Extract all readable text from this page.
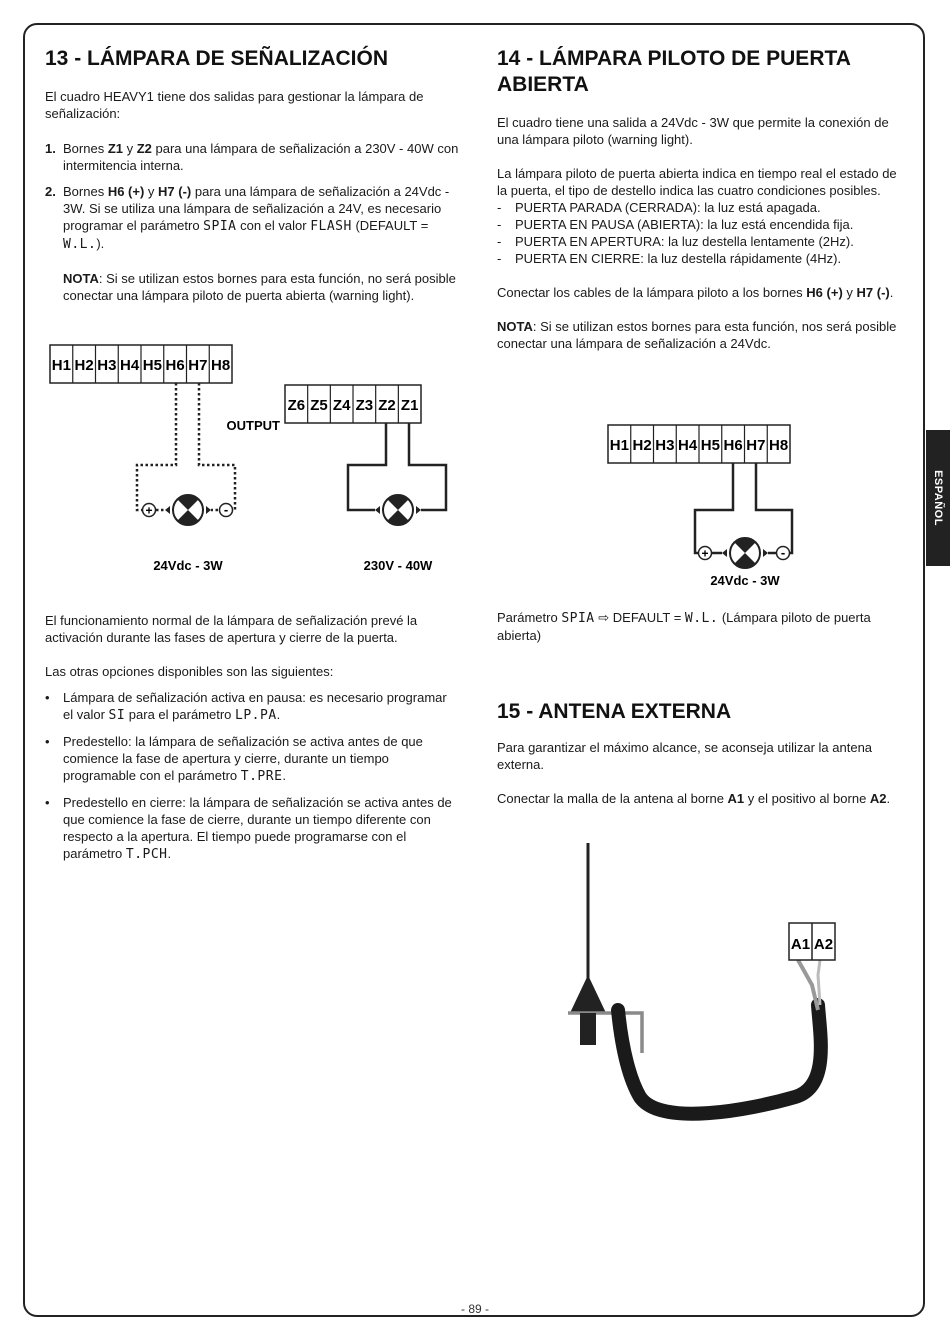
ESPAÑOL
13 - LÁMPARA DE SEÑALIZACIÓN

El cuadro HEAVY1 tiene dos salidas para gestionar la lámpara de señalización:

1. Bornes Z1 y Z2 para una lámpara de señalización a 230V - 40W con intermitencia interna.
2. Bornes H6 (+) y H7 (-) para una lámpara de señalización a 24Vdc - 3W. Si se utiliza una lámpara de señalización a 24V, es necesario programar el parámetro SPIA con el valor FLASH (DEFAULT = W.L.).

NOTA: Si se utilizan estos bornes para esta función, no será posible conectar una lámpara piloto de puerta abierta (warning light).

H1 H2 H3 H4 H5 H6 H7 H8
+	-
24Vdc - 3W
OUTPUT
Z6 Z5 Z4 Z3 Z2 Z1
230V - 40W

El funcionamiento normal de la lámpara de señalización prevé la activación durante las fases de apertura y cierre de la puerta.

Las otras opciones disponibles son las siguientes:

• Lámpara de señalización activa en pausa: es necesario programar el valor SI para el parámetro LP.PA.
• Predestello: la lámpara de señalización se activa antes de que comience la fase de apertura y cierre, durante un tiempo programable con el parámetro T.PRE.
• Predestello en cierre: la lámpara de señalización se activa antes de que comience la fase de cierre, durante un tiempo diferente con respecto a la apertura. El tiempo puede programarse con el parámetro T.PCH.
14 - LÁMPARA PILOTO DE PUERTA ABIERTA

El cuadro tiene una salida a 24Vdc - 3W que permite la conexión de una lámpara piloto (warning light).

La lámpara piloto de puerta abierta indica en tiempo real el estado de la puerta, el tipo de destello indica las cuatro condiciones posibles.

- PUERTA PARADA (CERRADA): la luz está apagada.
- PUERTA EN PAUSA (ABIERTA): la luz está encendida fija.
- PUERTA EN APERTURA: la luz destella lentamente (2Hz).
- PUERTA EN CIERRE: la luz destella rápidamente (4Hz).

Conectar los cables de la lámpara piloto a los bornes H6 (+) y H7 (-).

NOTA: Si se utilizan estos bornes para esta función, nos será posible conectar una lámpara de señalización a 24Vdc.

H1 H2 H3 H4 H5 H6 H7 H8
+	-
24Vdc - 3W

Parámetro SPIA ⇨ DEFAULT = W.L. (Lámpara piloto de puerta abierta)

15 - ANTENA EXTERNA

Para garantizar el máximo alcance, se aconseja utilizar la antena externa.

Conectar la malla de la antena al borne A1 y el positivo al borne A2.

A1 A2
- 89 -
